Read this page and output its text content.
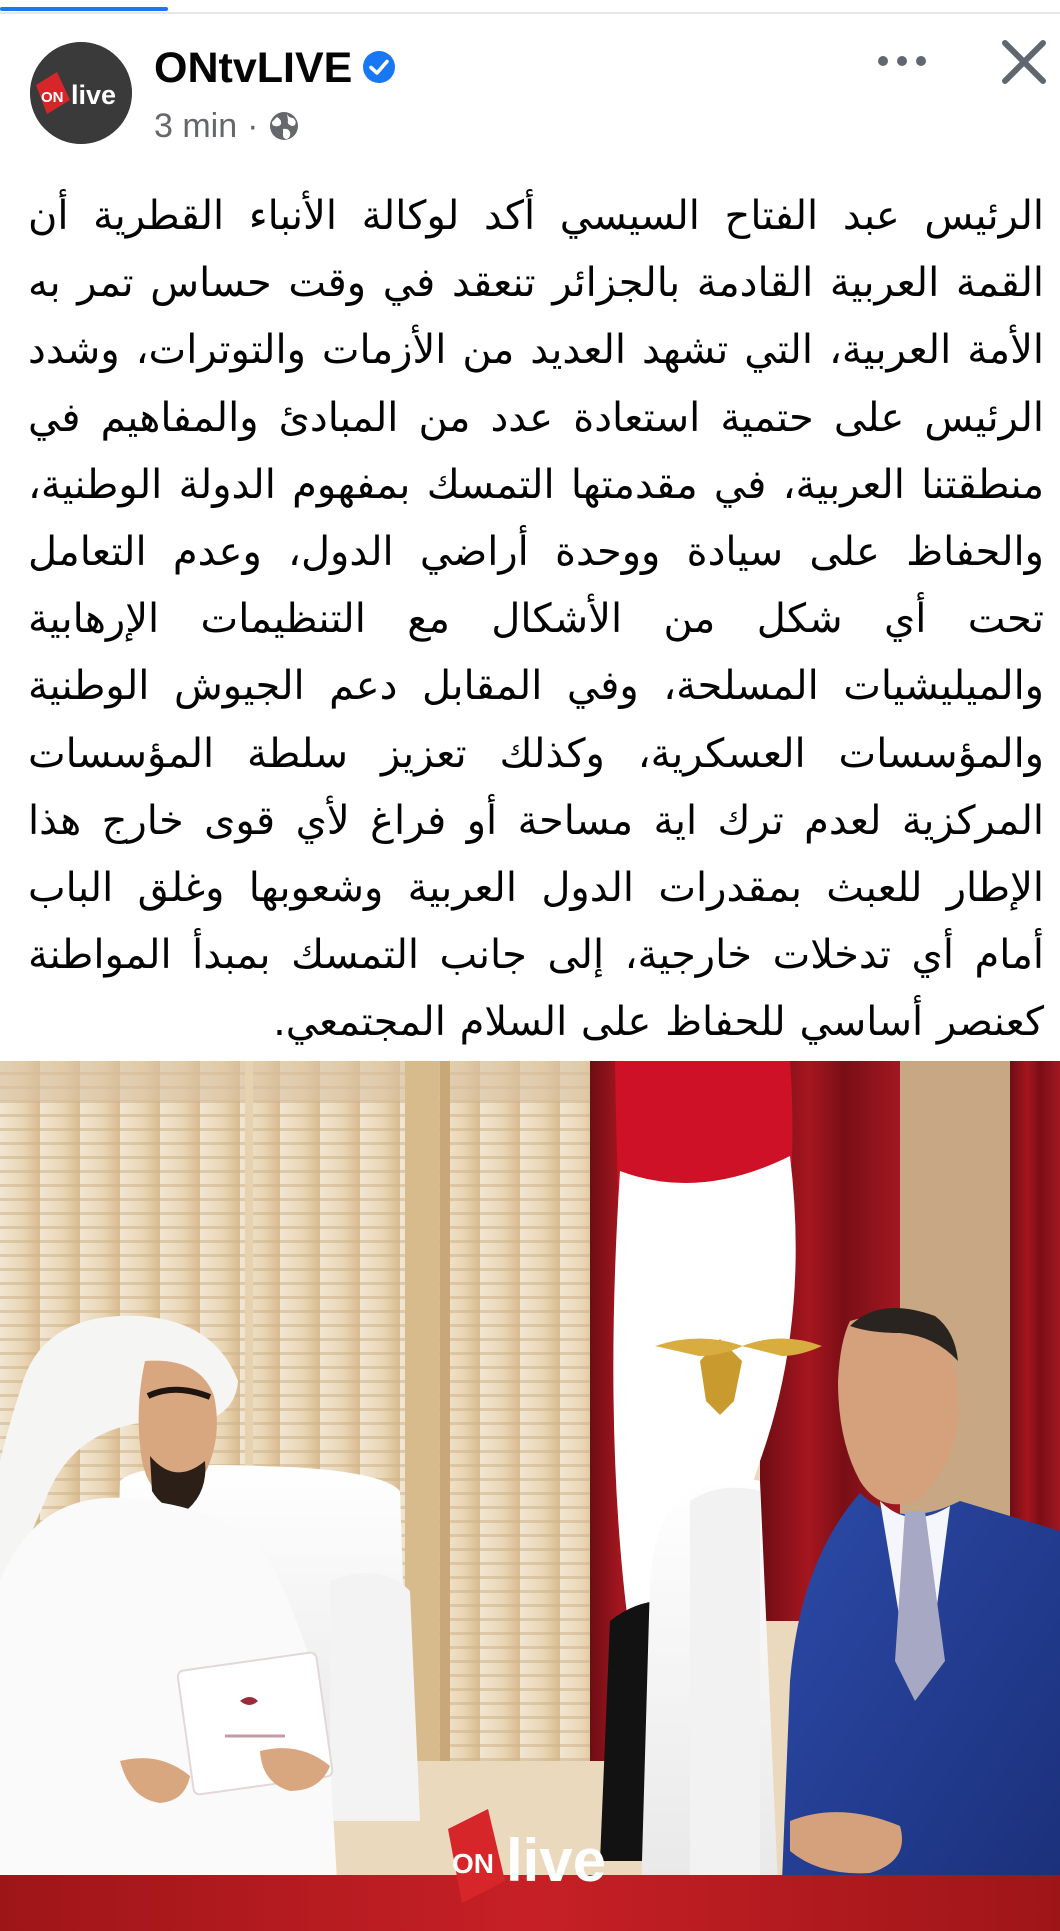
ON live
ONtvLIVE
3 min ·

الرئيس عبد الفتاح السيسي أكد لوكالة الأنباء القطرية أن القمة العربية القادمة بالجزائر تنعقد في وقت حساس تمر به الأمة العربية، التي تشهد العديد من الأزمات والتوترات، وشدد الرئيس على حتمية استعادة عدد من المبادئ والمفاهيم في منطقتنا العربية، في مقدمتها التمسك بمفهوم الدولة الوطنية، والحفاظ على سيادة ووحدة أراضي الدول، وعدم التعامل تحت أي شكل من الأشكال مع التنظيمات الإرهابية والميليشيات المسلحة، وفي المقابل دعم الجيوش الوطنية والمؤسسات العسكرية، وكذلك تعزيز سلطة المؤسسات المركزية لعدم ترك اية مساحة أو فراغ لأي قوى خارج هذا الإطار للعبث بمقدرات الدول العربية وشعوبها وغلق الباب أمام أي تدخلات خارجية، إلى جانب التمسك بمبدأ المواطنة كعنصر أساسي للحفاظ على السلام المجتمعي.

ON live
